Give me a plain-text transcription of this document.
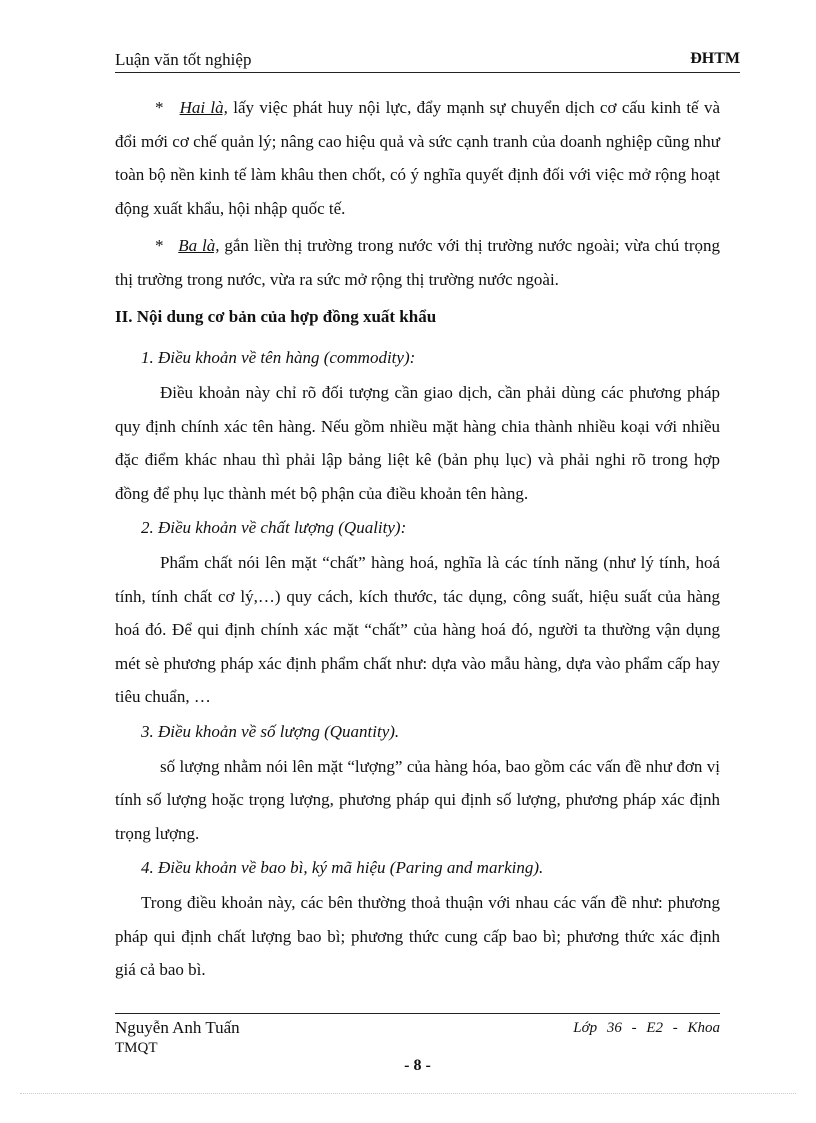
Luận văn tốt nghiệp	ĐHTM

* Hai là, lấy việc phát huy nội lực, đẩy mạnh sự chuyển dịch cơ cấu kinh tế và đổi mới cơ chế quản lý; nâng cao hiệu quả và sức cạnh tranh của doanh nghiệp cũng như toàn bộ nền kinh tế làm khâu then chốt, có ý nghĩa quyết định đối với việc mở rộng hoạt động xuất khẩu, hội nhập quốc tế.

* Ba là, gắn liền thị trường trong nước với thị trường nước ngoài; vừa chú trọng thị trường trong nước, vừa ra sức mở rộng thị trường nước ngoài.

II. Nội dung cơ bản của hợp đồng xuất khẩu

1. Điều khoản về tên hàng (commodity):

Điều khoản này chỉ rõ đối tượng cần giao dịch, cần phải dùng các phương pháp quy định chính xác tên hàng. Nếu gồm nhiều mặt hàng chia thành nhiều koại với nhiều đặc điểm khác nhau thì phải lập bảng liệt kê (bản phụ lục) và phải nghi rõ trong hợp đồng để phụ lục thành mét bộ phận của điều khoản tên hàng.

2. Điều khoản về chất lượng (Quality):

Phẩm chất nói lên mặt “chất” hàng hoá, nghĩa là các tính năng (như lý tính, hoá tính, tính chất cơ lý,…) quy cách, kích thước, tác dụng, công suất, hiệu suất của hàng hoá đó. Để qui định chính xác mặt “chất” của hàng hoá đó, người ta thường vận dụng mét sè phương pháp xác định phẩm chất như: dựa vào mẫu hàng, dựa vào phẩm cấp hay tiêu chuẩn, …

3. Điều khoản về số lượng (Quantity).

số lượng nhằm nói lên mặt “lượng” của hàng hóa, bao gồm các vấn đề như đơn vị tính số lượng hoặc trọng lượng, phương pháp qui định số lượng, phương pháp xác định trọng lượng.

4. Điều khoản về bao bì, ký mã hiệu (Paring and marking).

Trong điều khoản này, các bên thường thoả thuận với nhau các vấn đề như: phương pháp qui định chất lượng bao bì; phương thức cung cấp bao bì; phương thức xác định giá cả bao bì.

Nguyễn Anh Tuấn	Lớp 36 - E2 - Khoa
TMQT
- 8 -
